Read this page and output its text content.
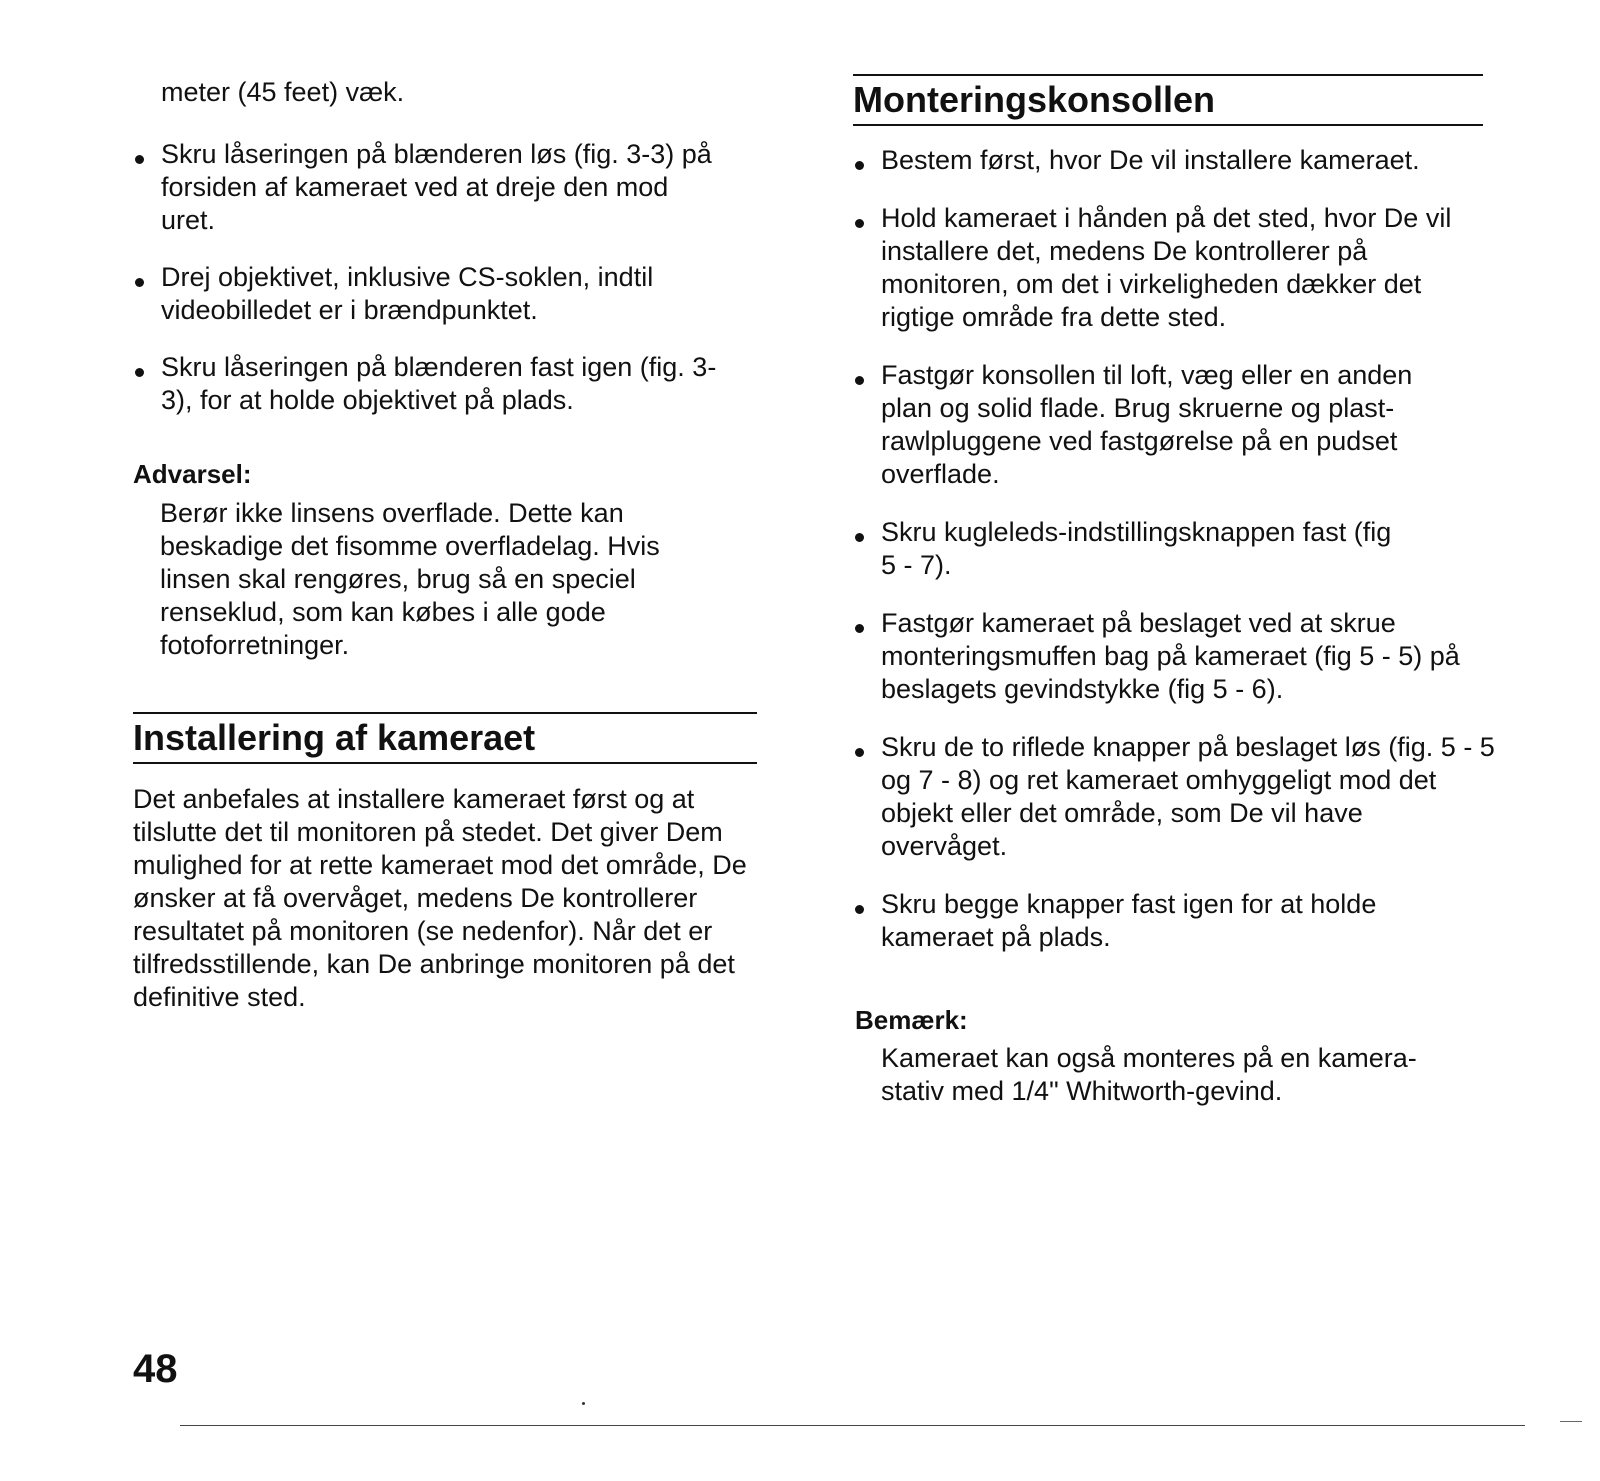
meter (45 feet) væk.

Skru låseringen på blænderen løs (fig. 3-3) på forsiden af kameraet ved at dreje den mod uret.
Drej objektivet, inklusive CS-soklen, indtil videobilledet er i brændpunktet.
Skru låseringen på blænderen fast igen (fig. 3-3), for at holde objektivet på plads.

Advarsel:

Berør ikke linsens overflade. Dette kan beskadige det fisomme overfladelag. Hvis linsen skal rengøres, brug så en speciel renseklud, som kan købes i alle gode fotoforretninger.

Installering af kameraet

Det anbefales at installere kameraet først og at tilslutte det til monitoren på stedet. Det giver Dem mulighed for at rette kameraet mod det område, De ønsker at få overvåget, medens De kontrollerer resultatet på monitoren (se nedenfor). Når det er tilfredsstillende, kan De anbringe monitoren på det definitive sted.

Monteringskonsollen
Bestem først, hvor De vil installere kameraet.
Hold kameraet i hånden på det sted, hvor De vil installere det, medens De kontrollerer på monitoren, om det i virkeligheden dækker det rigtige område fra dette sted.
Fastgør konsollen til loft, væg eller en anden plan og solid flade. Brug skruerne og plast-rawlpluggene ved fastgørelse på en pudset overflade.
Skru kugleleds-indstillingsknappen fast (fig 5 - 7).
Fastgør kameraet på beslaget ved at skrue monteringsmuffen bag på kameraet (fig 5 - 5) på beslagets gevindstykke (fig 5 - 6).
Skru de to riflede knapper på beslaget løs (fig. 5 - 5 og 7 - 8) og ret kameraet omhyggeligt mod det objekt eller det område, som De vil have overvåget.
Skru begge knapper fast igen for at holde kameraet på plads.

Bemærk:

Kameraet kan også monteres på en kamera-stativ med 1/4" Whitworth-gevind.

48
